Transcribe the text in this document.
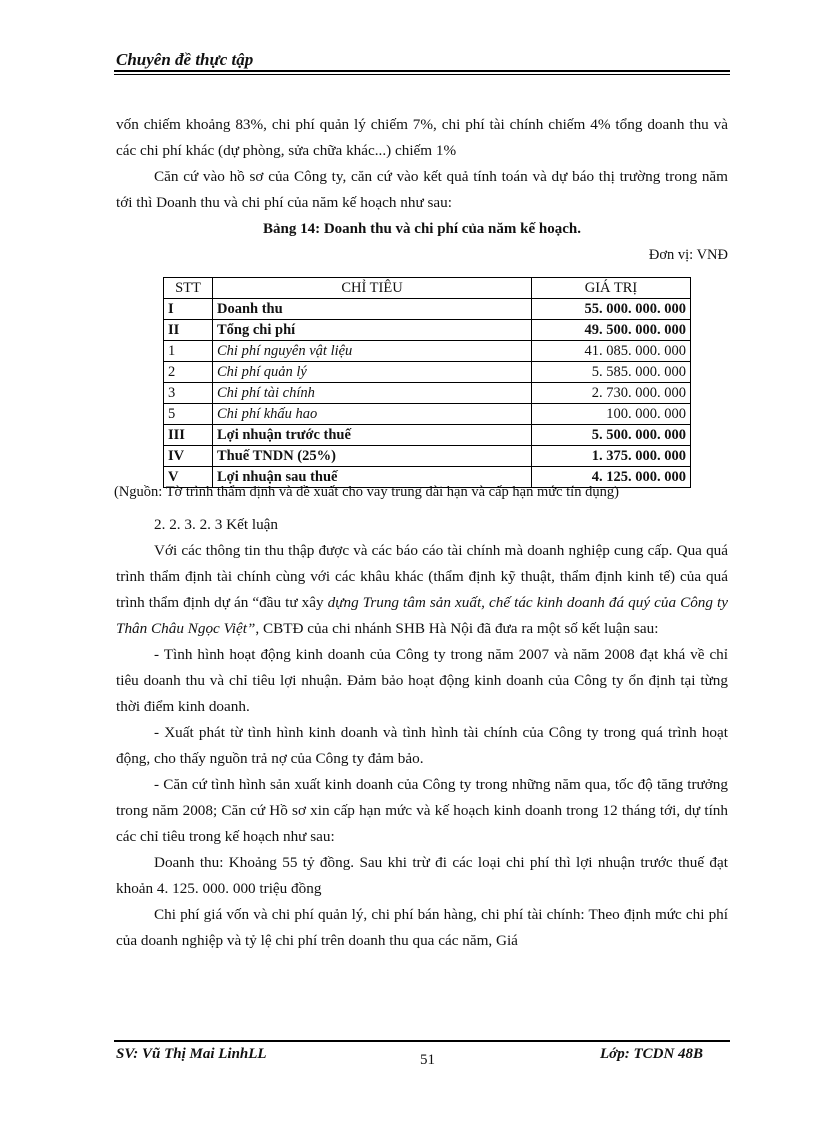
Chuyên đề thực tập

vốn chiếm khoảng 83%, chi phí quản lý chiếm 7%, chi phí tài chính chiếm 4% tổng doanh thu và các chi phí khác (dự phòng, sửa chữa khác...) chiếm 1%

Căn cứ vào hồ sơ của Công ty, căn cứ vào kết quả tính toán và dự báo thị trường trong năm tới thì Doanh thu và chi phí của năm kế hoạch như sau:

Bảng 14: Doanh thu và chi phí của năm kế hoạch.

Đơn vị: VNĐ

STT	CHỈ TIÊU	GIÁ TRỊ
I	Doanh thu	55. 000. 000. 000
II	Tổng chi phí	49. 500. 000. 000
1	Chi phí nguyên vật liệu	41. 085. 000. 000
2	Chi phí quản lý	5. 585. 000. 000
3	Chi phí tài chính	2. 730. 000. 000
5	Chi phí khấu hao	100. 000. 000
III	Lợi nhuận trước thuế	5. 500. 000. 000
IV	Thuế TNDN (25%)	1. 375. 000. 000
V	Lợi nhuận sau thuế	4. 125. 000. 000
(Nguồn: Tờ trình thẩm định và đề xuất cho vay trung dài hạn và cấp hạn mức tín dụng)

2. 2. 3. 2. 3 Kết luận

Với các thông tin thu thập được và các báo cáo tài chính mà doanh nghiệp cung cấp. Qua quá trình thẩm định tài chính cùng với các khâu khác (thẩm định kỹ thuật, thẩm định kinh tế) của quá trình thẩm định dự án “đầu tư xây dựng Trung tâm sản xuất, chế tác kinh doanh đá quý của Công ty Thân Châu Ngọc Việt”, CBTĐ của chi nhánh SHB Hà Nội đã đưa ra một số kết luận sau:

- Tình hình hoạt động kinh doanh của Công ty trong năm 2007 và năm 2008 đạt khá về chỉ tiêu doanh thu và chỉ tiêu lợi nhuận. Đảm bảo hoạt động kinh doanh của Công ty ổn định tại từng thời điểm kinh doanh.

- Xuất phát từ tình hình kinh doanh và tình hình tài chính của Công ty trong quá trình hoạt động, cho thấy nguồn trả nợ của Công ty đảm bảo.

- Căn cứ tình hình sản xuất kinh doanh của Công ty trong những năm qua, tốc độ tăng trưởng trong năm 2008; Căn cứ Hồ sơ xin cấp hạn mức và kế hoạch kinh doanh trong 12 tháng tới, dự tính các chỉ tiêu trong kế hoạch như sau:

Doanh thu: Khoảng 55 tỷ đồng. Sau khi trừ đi các loại chi phí thì lợi nhuận trước thuế đạt khoản 4. 125. 000. 000 triệu đồng

Chi phí giá vốn và chi phí quản lý, chi phí bán hàng, chi phí tài chính: Theo định mức chi phí của doanh nghiệp và tỷ lệ chi phí trên doanh thu qua các năm, Giá

SV: Vũ Thị Mai LinhLL	51	Lớp: TCDN 48B
